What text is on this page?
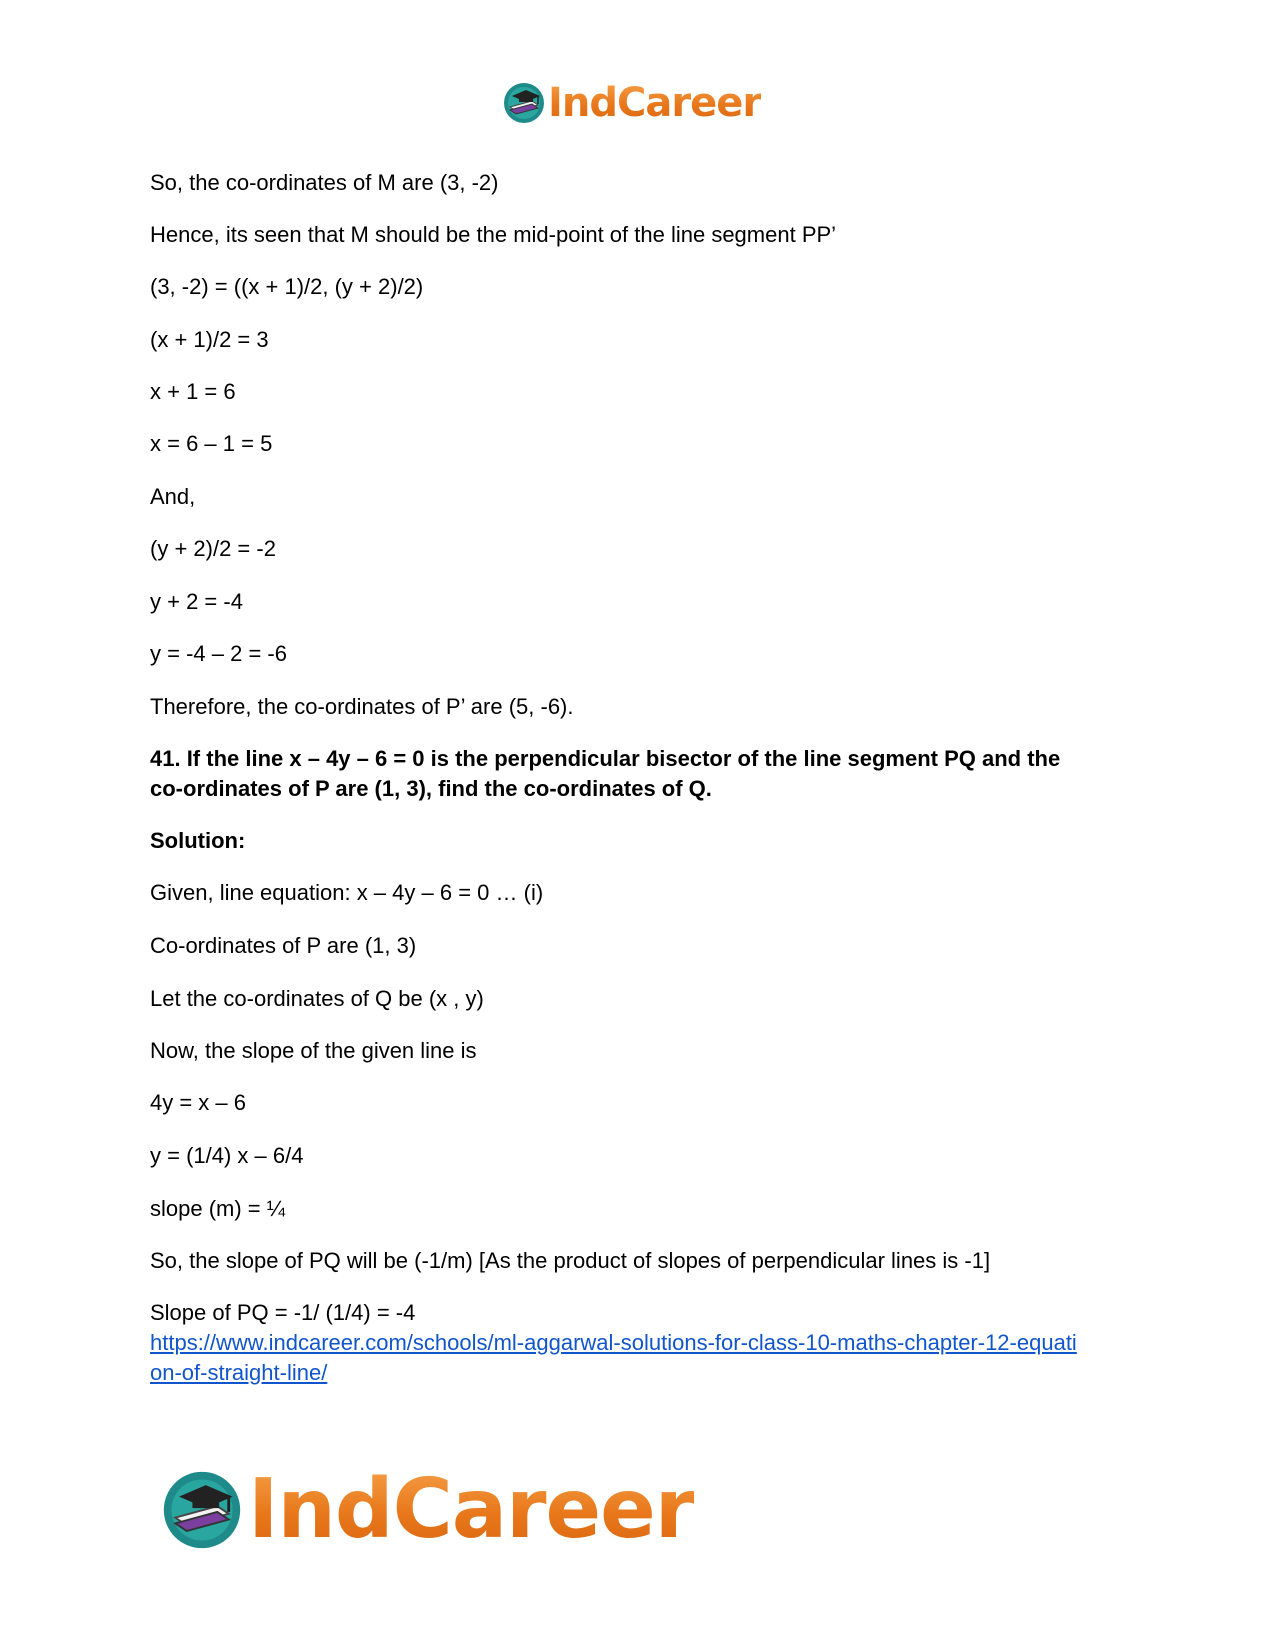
IndCareer
So, the co-ordinates of M are (3, -2)
Hence, its seen that M should be the mid-point of the line segment PP’
(3, -2) = ((x + 1)/2, (y + 2)/2)
(x + 1)/2 = 3
x + 1 = 6
x = 6 – 1 = 5
And,
(y + 2)/2 = -2
y + 2 = -4
y = -4 – 2 = -6
Therefore, the co-ordinates of P’ are (5, -6).
41. If the line x – 4y – 6 = 0 is the perpendicular bisector of the line segment PQ and the
co-ordinates of P are (1, 3), find the co-ordinates of Q.
Solution:
Given, line equation: x – 4y – 6 = 0 … (i)
Co-ordinates of P are (1, 3)
Let the co-ordinates of Q be (x , y)
Now, the slope of the given line is
4y = x – 6
y = (1/4) x – 6/4
slope (m) = ¼
So, the slope of PQ will be (-1/m) [As the product of slopes of perpendicular lines is -1]
Slope of PQ = -1/ (1/4) = -4
https://www.indcareer.com/schools/ml-aggarwal-solutions-for-class-10-maths-chapter-12-equati
on-of-straight-line/
IndCareer
